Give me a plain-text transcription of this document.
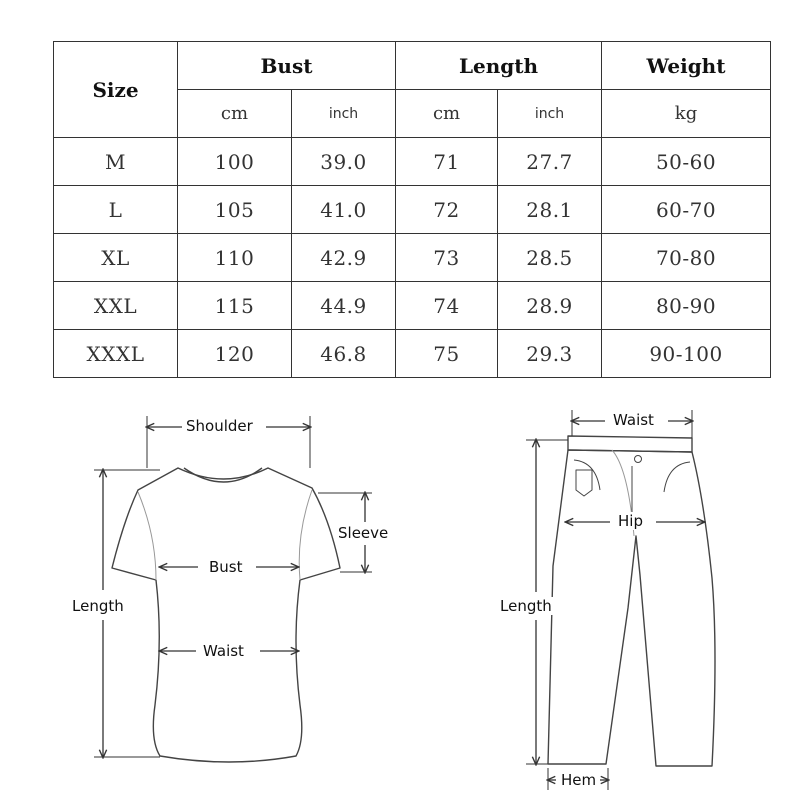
Size	Bust		Length		Weight
	cm	inch	cm	inch	kg
M	100	39.0	71	27.7	50-60
L	105	41.0	72	28.1	60-70
XL	110	42.9	73	28.5	70-80
XXL	115	44.9	74	28.9	80-90
XXXL	120	46.8	75	29.3	90-100
Shoulder
Sleeve
Bust
Length
Waist
Waist
Hip
Length
Hem
